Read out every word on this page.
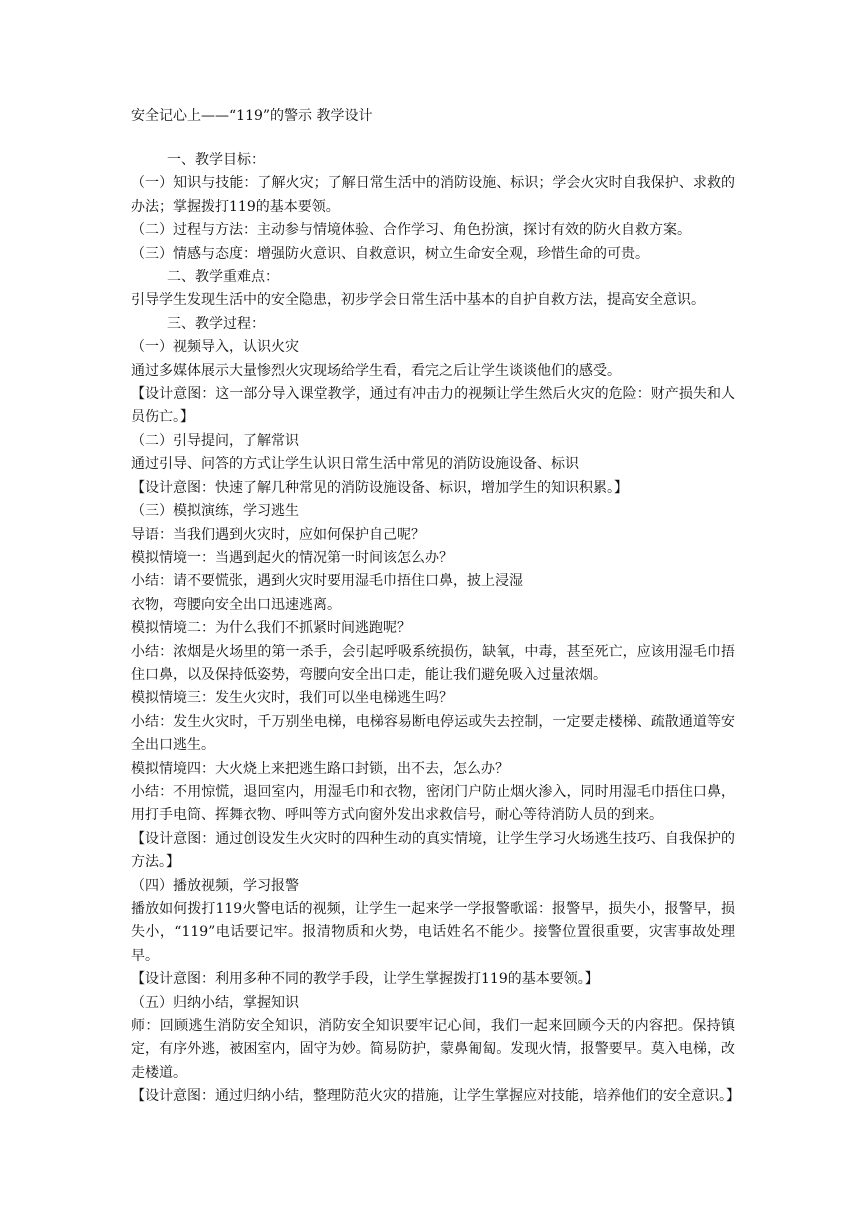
安全记心上——“119”的警示 教学设计

一、教学目标：

（一）知识与技能：了解火灾；了解日常生活中的消防设施、标识；学会火灾时自我保护、求救的办法；掌握拨打119的基本要领。

（二）过程与方法：主动参与情境体验、合作学习、角色扮演，探讨有效的防火自救方案。

（三）情感与态度：增强防火意识、自救意识，树立生命安全观，珍惜生命的可贵。

二、教学重难点：

引导学生发现生活中的安全隐患，初步学会日常生活中基本的自护自救方法，提高安全意识。

三、教学过程：

（一）视频导入，认识火灾

通过多媒体展示大量惨烈火灾现场给学生看，看完之后让学生谈谈他们的感受。

【设计意图：这一部分导入课堂教学，通过有冲击力的视频让学生然后火灾的危险：财产损失和人员伤亡。】

（二）引导提问，了解常识

通过引导、问答的方式让学生认识日常生活中常见的消防设施设备、标识

【设计意图：快速了解几种常见的消防设施设备、标识，增加学生的知识积累。】

（三）模拟演练，学习逃生

导语：当我们遇到火灾时，应如何保护自己呢？

模拟情境一：当遇到起火的情况第一时间该怎么办？

小结：请不要慌张，遇到火灾时要用湿毛巾捂住口鼻，披上浸湿

衣物，弯腰向安全出口迅速逃离。

模拟情境二：为什么我们不抓紧时间逃跑呢？

小结：浓烟是火场里的第一杀手，会引起呼吸系统损伤，缺氧，中毒，甚至死亡，应该用湿毛巾捂住口鼻，以及保持低姿势，弯腰向安全出口走，能让我们避免吸入过量浓烟。

模拟情境三：发生火灾时，我们可以坐电梯逃生吗？

小结：发生火灾时，千万别坐电梯，电梯容易断电停运或失去控制，一定要走楼梯、疏散通道等安全出口逃生。

模拟情境四：大火烧上来把逃生路口封锁，出不去，怎么办？

小结：不用惊慌，退回室内，用湿毛巾和衣物，密闭门户防止烟火渗入，同时用湿毛巾捂住口鼻，用打手电筒、挥舞衣物、呼叫等方式向窗外发出求救信号，耐心等待消防人员的到来。

【设计意图：通过创设发生火灾时的四种生动的真实情境，让学生学习火场逃生技巧、自我保护的方法。】

（四）播放视频，学习报警

播放如何拨打119火警电话的视频，让学生一起来学一学报警歌谣：报警早，损失小，报警早，损失小，“119”电话要记牢。报清物质和火势，电话姓名不能少。接警位置很重要，灾害事故处理早。

【设计意图：利用多种不同的教学手段，让学生掌握拨打119的基本要领。】

（五）归纳小结，掌握知识

师：回顾逃生消防安全知识，消防安全知识要牢记心间，我们一起来回顾今天的内容把。保持镇定，有序外逃，被困室内，固守为妙。简易防护，蒙鼻匍匐。发现火情，报警要早。莫入电梯，改走楼道。

【设计意图：通过归纳小结，整理防范火灾的措施，让学生掌握应对技能，培养他们的安全意识。】
